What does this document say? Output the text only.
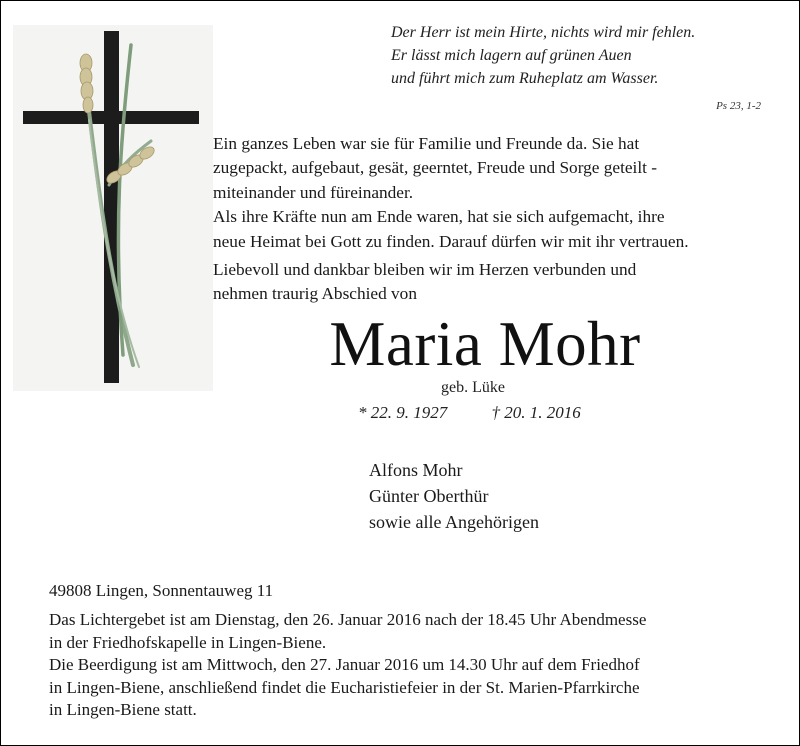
Der Herr ist mein Hirte, nichts wird mir fehlen.
Er lässt mich lagern auf grünen Auen
und führt mich zum Ruheplatz am Wasser.
Ps 23, 1-2

Ein ganzes Leben war sie für Familie und Freunde da. Sie hat

zugepackt, aufgebaut, gesät, geerntet, Freude und Sorge geteilt -

miteinander und füreinander.

Als ihre Kräfte nun am Ende waren, hat sie sich aufgemacht, ihre

neue Heimat bei Gott zu finden. Darauf dürfen wir mit ihr vertrauen.

Liebevoll und dankbar bleiben wir im Herzen verbunden und

nehmen traurig Abschied von

Maria Mohr
geb. Lüke
* 22. 9. 1927	† 20. 1. 2016
Alfons Mohr
Günter Oberthür
sowie alle Angehörigen
49808 Lingen, Sonnentauweg 11
Das Lichtergebet ist am Dienstag, den 26. Januar 2016 nach der 18.45 Uhr Abendmesse
in der Friedhofskapelle in Lingen-Biene.
Die Beerdigung ist am Mittwoch, den 27. Januar 2016 um 14.30 Uhr auf dem Friedhof
in Lingen-Biene, anschließend findet die Eucharistiefeier in der St. Marien-Pfarrkirche
in Lingen-Biene statt.
